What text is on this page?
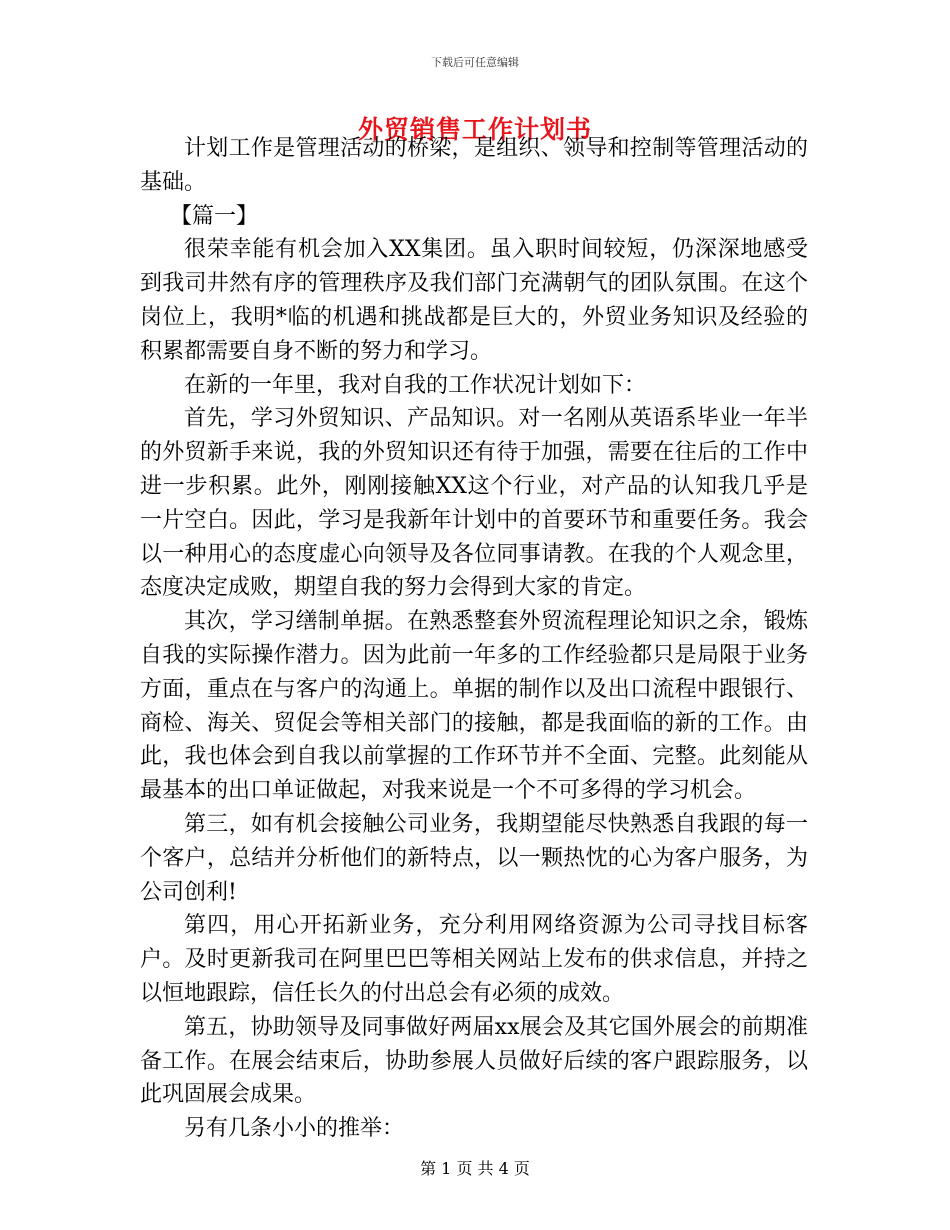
下载后可任意编辑
外贸销售工作计划书

计划工作是管理活动的桥梁，是组织、领导和控制等管理活动的基础。

【篇一】

很荣幸能有机会加入XX集团。虽入职时间较短，仍深深地感受到我司井然有序的管理秩序及我们部门充满朝气的团队氛围。在这个岗位上，我明*临的机遇和挑战都是巨大的，外贸业务知识及经验的积累都需要自身不断的努力和学习。

在新的一年里，我对自我的工作状况计划如下：

首先，学习外贸知识、产品知识。对一名刚从英语系毕业一年半的外贸新手来说，我的外贸知识还有待于加强，需要在往后的工作中进一步积累。此外，刚刚接触XX这个行业，对产品的认知我几乎是一片空白。因此，学习是我新年计划中的首要环节和重要任务。我会以一种用心的态度虚心向领导及各位同事请教。在我的个人观念里，态度决定成败，期望自我的努力会得到大家的肯定。

其次，学习缮制单据。在熟悉整套外贸流程理论知识之余，锻炼自我的实际操作潜力。因为此前一年多的工作经验都只是局限于业务方面，重点在与客户的沟通上。单据的制作以及出口流程中跟银行、商检、海关、贸促会等相关部门的接触，都是我面临的新的工作。由此，我也体会到自我以前掌握的工作环节并不全面、完整。此刻能从最基本的出口单证做起，对我来说是一个不可多得的学习机会。

第三，如有机会接触公司业务，我期望能尽快熟悉自我跟的每一个客户，总结并分析他们的新特点，以一颗热忱的心为客户服务，为公司创利!

第四，用心开拓新业务，充分利用网络资源为公司寻找目标客户。及时更新我司在阿里巴巴等相关网站上发布的供求信息，并持之以恒地跟踪，信任长久的付出总会有必须的成效。

第五，协助领导及同事做好两届xx展会及其它国外展会的前期准备工作。在展会结束后，协助参展人员做好后续的客户跟踪服务，以此巩固展会成果。

另有几条小小的推举：

第 1 页 共 4 页
